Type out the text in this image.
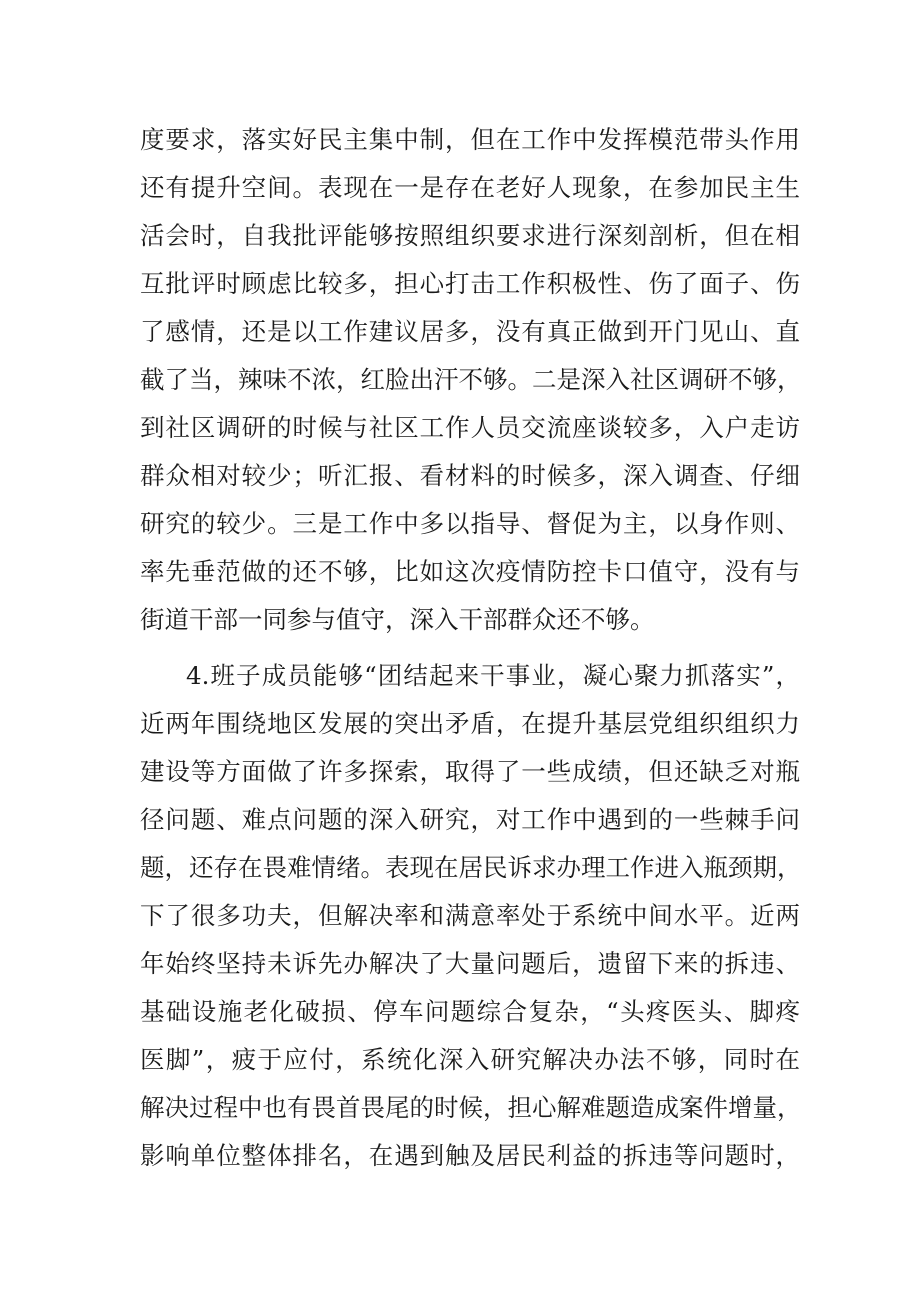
度要求，落实好民主集中制，但在工作中发挥模范带头作用
还有提升空间。表现在一是存在老好人现象，在参加民主生
活会时，自我批评能够按照组织要求进行深刻剖析，但在相
互批评时顾虑比较多，担心打击工作积极性、伤了面子、伤
了感情，还是以工作建议居多，没有真正做到开门见山、直
截了当，辣味不浓，红脸出汗不够。二是深入社区调研不够，
到社区调研的时候与社区工作人员交流座谈较多，入户走访
群众相对较少；听汇报、看材料的时候多，深入调查、仔细
研究的较少。三是工作中多以指导、督促为主，以身作则、
率先垂范做的还不够，比如这次疫情防控卡口值守，没有与
街道干部一同参与值守，深入干部群众还不够。
4.班子成员能够“团结起来干事业，凝心聚力抓落实”，
近两年围绕地区发展的突出矛盾，在提升基层党组织组织力
建设等方面做了许多探索，取得了一些成绩，但还缺乏对瓶
径问题、难点问题的深入研究，对工作中遇到的一些棘手问
题，还存在畏难情绪。表现在居民诉求办理工作进入瓶颈期，
下了很多功夫，但解决率和满意率处于系统中间水平。近两
年始终坚持未诉先办解决了大量问题后，遗留下来的拆违、
基础设施老化破损、停车问题综合复杂，“头疼医头、脚疼
医脚”，疲于应付，系统化深入研究解决办法不够，同时在
解决过程中也有畏首畏尾的时候，担心解难题造成案件增量，
影响单位整体排名，在遇到触及居民利益的拆违等问题时，
